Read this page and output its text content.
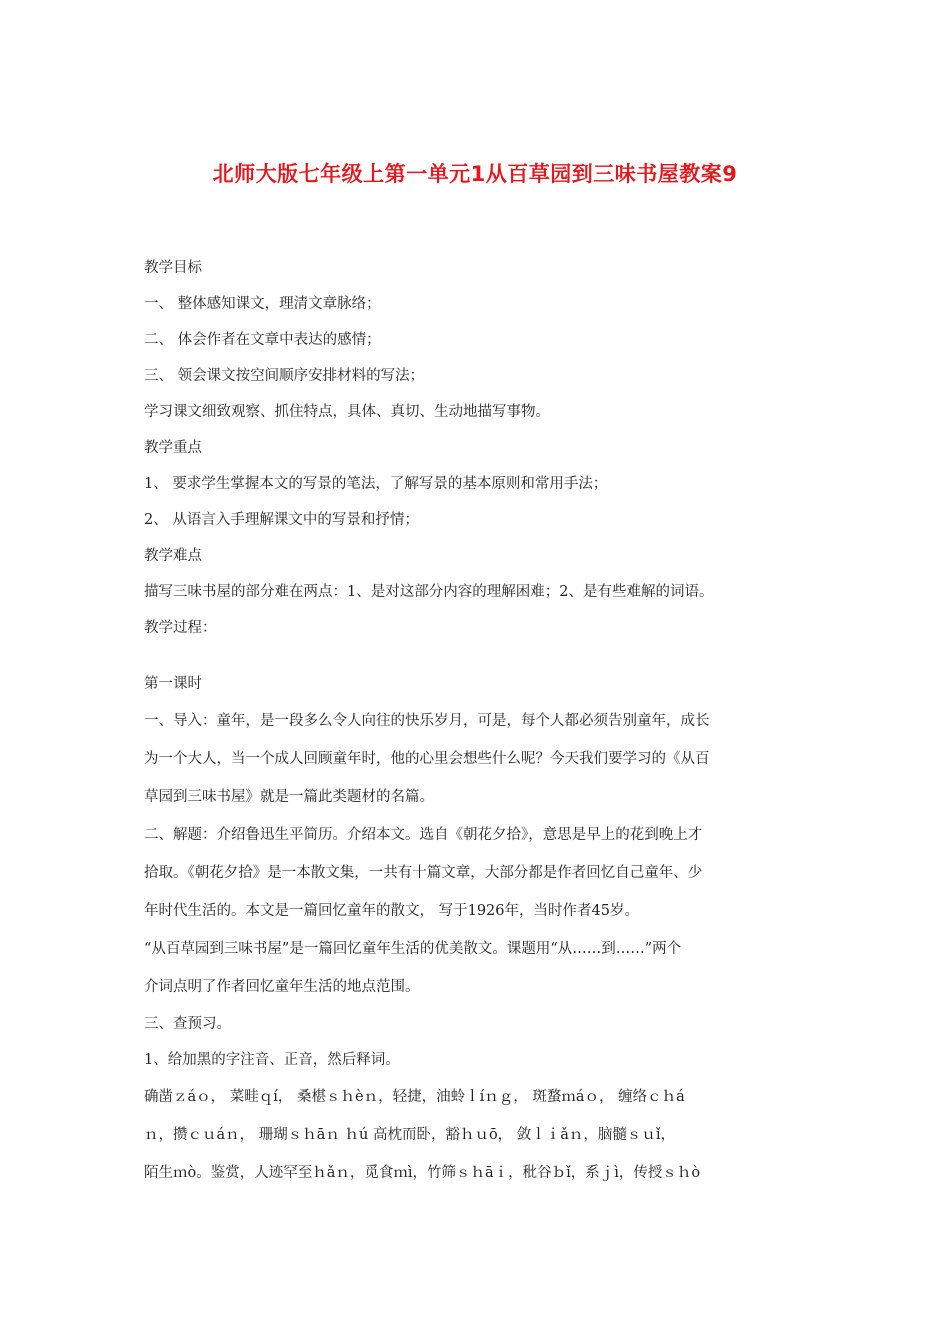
北师大版七年级上第一单元1从百草园到三味书屋教案9

教学目标

一、 整体感知课文，理清文章脉络；

二、 体会作者在文章中表达的感情；

三、 领会课文按空间顺序安排材料的写法；

学习课文细致观察、抓住特点，具体、真切、生动地描写事物。

教学重点

1、 要求学生掌握本文的写景的笔法，了解写景的基本原则和常用手法；

2、 从语言入手理解课文中的写景和抒情；

教学难点

描写三味书屋的部分难在两点：1、是对这部分内容的理解困难；2、是有些难解的词语。

教学过程：

第一课时

一、导入：童年，是一段多么令人向往的快乐岁月，可是，每个人都必须告别童年，成长

为一个大人，当一个成人回顾童年时，他的心里会想些什么呢？今天我们要学习的《从百

草园到三味书屋》就是一篇此类题材的名篇。

二、解题：介绍鲁迅生平简历。介绍本文。选自《朝花夕拾》，意思是早上的花到晚上才

拾取。《朝花夕拾》是一本散文集，一共有十篇文章，大部分都是作者回忆自己童年、少

年时代生活的。本文是一篇回忆童年的散文， 写于1926年，当时作者45岁。

“从百草园到三味书屋”是一篇回忆童年生活的优美散文。课题用“从……到……”两个

介词点明了作者回忆童年生活的地点范围。

三、查预习。

1、给加黑的字注音、正音，然后释词。

确凿ｚáｏ， 菜畦ｑí， 桑椹ｓｈèｎ，轻捷，油蛉ｌíｎｇ， 斑蝥ｍáｏ， 缠络ｃｈá

ｎ，攒ｃｕáｎ， 珊瑚ｓｈāｎ ｈú 高枕而卧，豁ｈｕō， 敛ｌｉǎｎ，脑髓ｓｕǐ，

陌生ｍò。鉴赏，人迹罕至ｈǎｎ，觅食ｍì，竹筛ｓｈāｉ，秕谷ｂǐ，系ｊì，传授ｓｈò
